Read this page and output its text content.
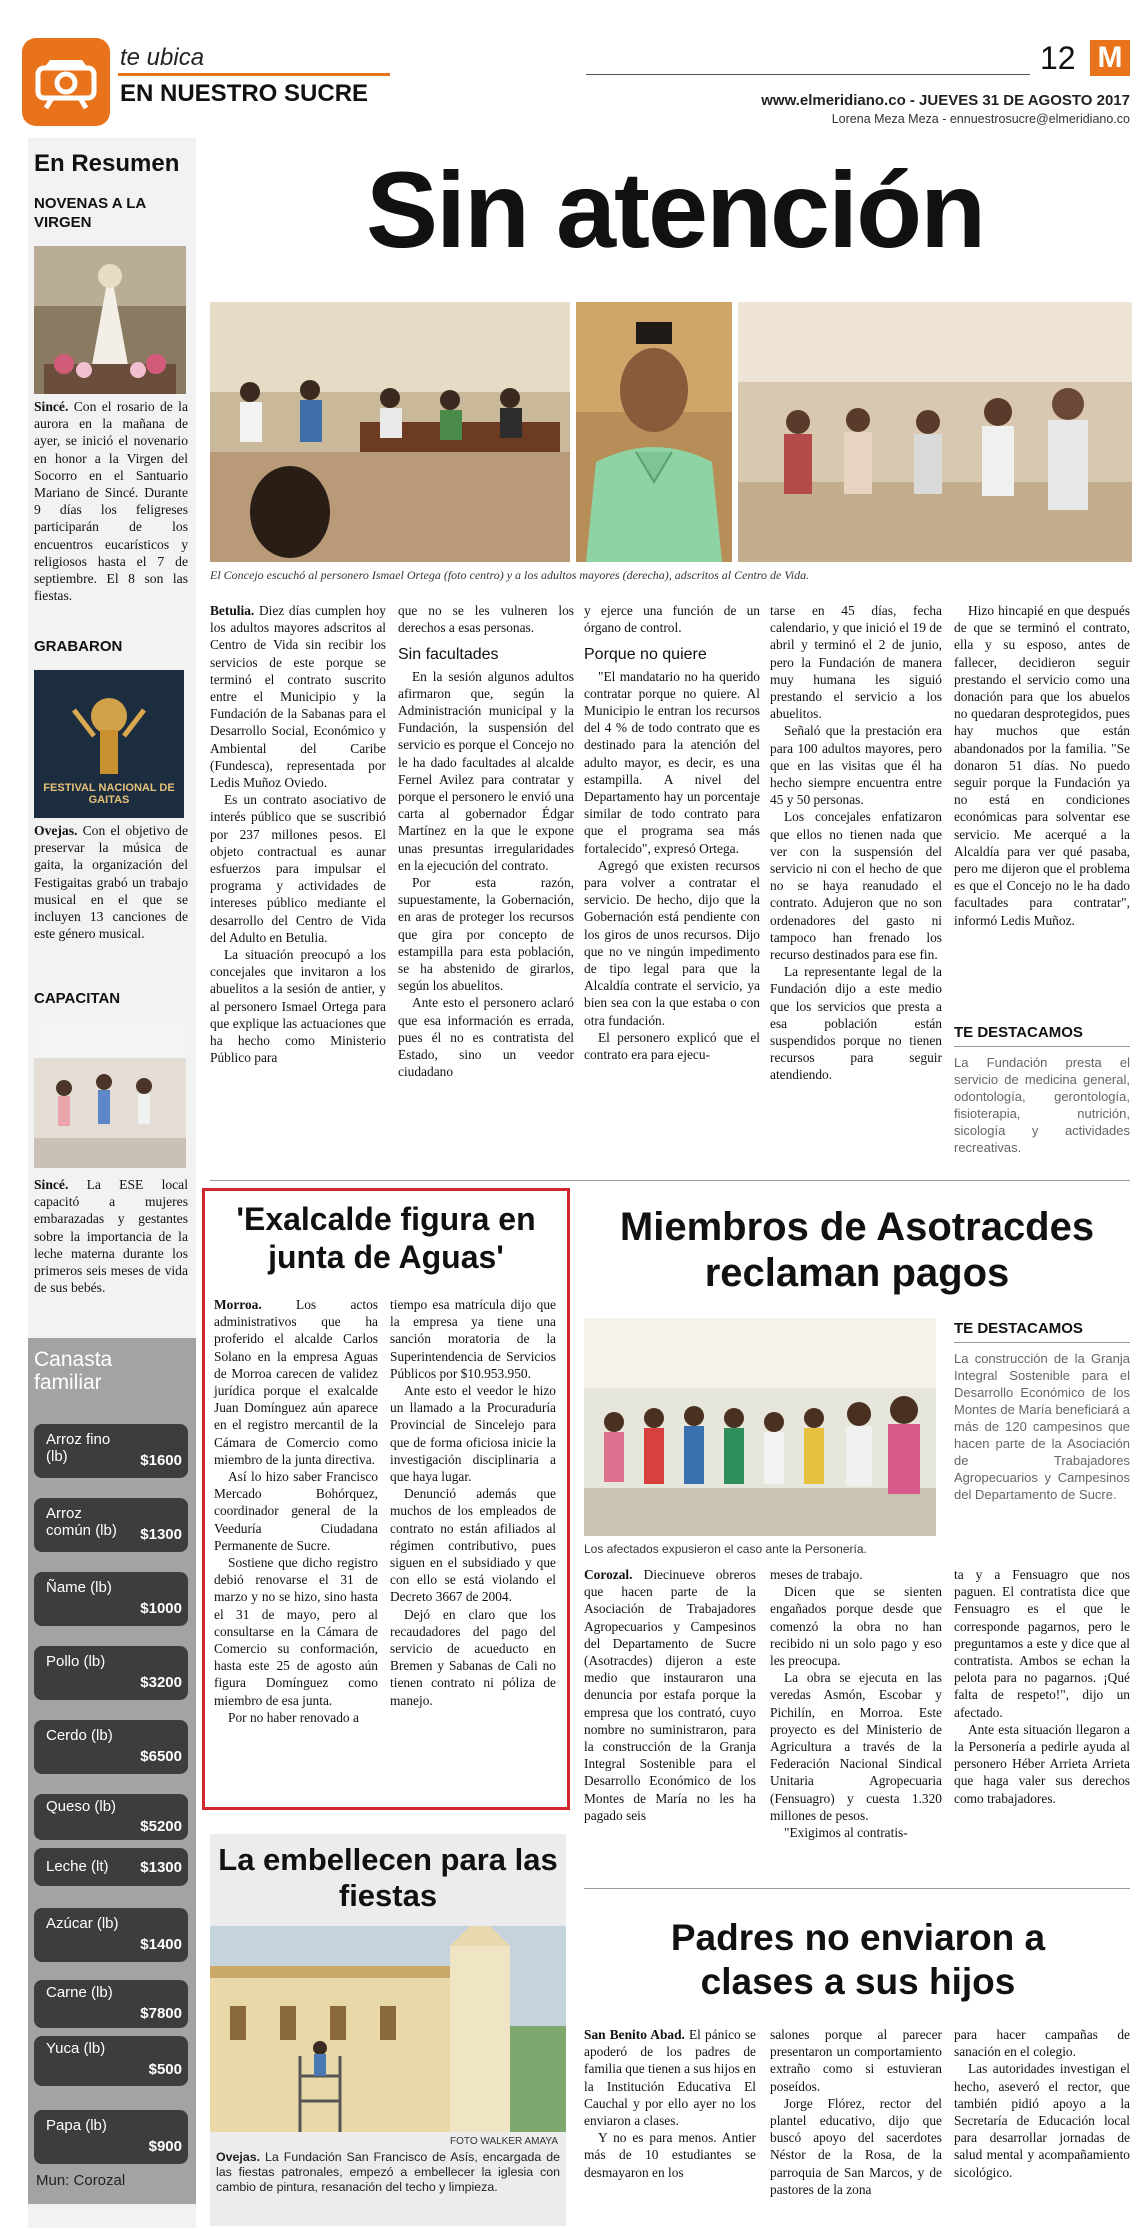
te ubica
EN NUESTRO SUCRE
12 M
www.elmeridiano.co - JUEVES 31 DE AGOSTO 2017
Lorena Meza Meza - ennuestrosucre@elmeridiano.co
En Resumen
NOVENAS A LA VIRGEN
Sincé. Con el rosario de la aurora en la mañana de ayer, se inició el novenario en honor a la Virgen del Socorro en el Santuario Mariano de Sincé. Durante 9 días los feligreses participarán de los encuentros eucarísticos y religiosos hasta el 7 de septiembre. El 8 son las fiestas.
GRABARON
FESTIVAL NACIONAL DE GAITAS
Ovejas. Con el objetivo de preservar la música de gaita, la organización del Festigaitas grabó un trabajo musical en el que se incluyen 13 canciones de este género musical.
CAPACITAN
Sincé. La ESE local capacitó a mujeres embarazadas y gestantes sobre la importancia de la leche materna durante los primeros seis meses de vida de sus bebés.
Canasta familiar
Arroz fino (lb)	$1600
Arroz común (lb)	$1300
Ñame (lb)
$1000
Pollo (lb)
$3200
Cerdo (lb)
$6500
Queso (lb)
$5200
Leche (lt)	$1300
Azúcar (lb)
$1400
Carne (lb)
$7800
Yuca (lb)
$500
Papa (lb)
$900
Mun: Corozal
Sin atención
El Concejo escuchó al personero Ismael Ortega (foto centro) y a los adultos mayores (derecha), adscritos al Centro de Vida.

Betulia. Diez días cumplen hoy los adultos mayores adscritos al Centro de Vida sin recibir los servicios de este porque se terminó el contrato suscrito entre el Municipio y la Fundación de la Sabanas para el Desarrollo Social, Económico y Ambiental del Caribe (Fundesca), representada por Ledis Muñoz Oviedo.

Es un contrato asociativo de interés público que se suscribió por 237 millones pesos. El objeto contractual es aunar esfuerzos para impulsar el programa y actividades de intereses público mediante el desarrollo del Centro de Vida del Adulto en Betulia.

La situación preocupó a los concejales que invitaron a los abuelitos a la sesión de antier, y al personero Ismael Ortega para que explique las actuaciones que ha hecho como Ministerio Público para

que no se les vulneren los derechos a esas personas.

Sin facultades

En la sesión algunos adultos afirmaron que, según la Administración municipal y la Fundación, la suspensión del servicio es porque el Concejo no le ha dado facultades al alcalde Fernel Avilez para contratar y porque el personero le envió una carta al gobernador Édgar Martínez en la que le expone unas presuntas irregularidades en la ejecución del contrato.

Por esta razón, supuestamente, la Gobernación, en aras de proteger los recursos que gira por concepto de estampilla para esta población, se ha abstenido de girarlos, según los abuelitos.

Ante esto el personero aclaró que esa información es errada, pues él no es contratista del Estado, sino un veedor ciudadano

y ejerce una función de un órgano de control.

Porque no quiere

"El mandatario no ha querido contratar porque no quiere. Al Municipio le entran los recursos del 4 % de todo contrato que es destinado para la atención del adulto mayor, es decir, es una estampilla. A nivel del Departamento hay un porcentaje similar de todo contrato para que el programa sea más fortalecido", expresó Ortega.

Agregó que existen recursos para volver a contratar el servicio. De hecho, dijo que la Gobernación está pendiente con los giros de unos recursos. Dijo que no ve ningún impedimento de tipo legal para que la Alcaldía contrate el servicio, ya bien sea con la que estaba o con otra fundación.

El personero explicó que el contrato era para ejecu-

tarse en 45 días, fecha calendario, y que inició el 19 de abril y terminó el 2 de junio, pero la Fundación de manera muy humana les siguió prestando el servicio a los abuelitos.

Señaló que la prestación era para 100 adultos mayores, pero que en las visitas que él ha hecho siempre encuentra entre 45 y 50 personas.

Los concejales enfatizaron que ellos no tienen nada que ver con la suspensión del servicio ni con el hecho de que no se haya reanudado el contrato. Adujeron que no son ordenadores del gasto ni tampoco han frenado los recurso destinados para ese fin.

La representante legal de la Fundación dijo a este medio que los servicios que presta a esa población están suspendidos porque no tienen recursos para seguir atendiendo.

Hizo hincapié en que después de que se terminó el contrato, ella y su esposo, antes de fallecer, decidieron seguir prestando el servicio como una donación para que los abuelos no quedaran desprotegidos, pues hay muchos que están abandonados por la familia. "Se donaron 51 días. No puedo seguir porque la Fundación ya no está en condiciones económicas para solventar ese servicio. Me acerqué a la Alcaldía para ver qué pasaba, pero me dijeron que el problema es que el Concejo no le ha dado facultades para contratar", informó Ledis Muñoz.

TE DESTACAMOS
La Fundación presta el servicio de medicina general, odontología, gerontología, fisioterapia, nutrición, sicología y actividades recreativas.
'Exalcalde figura en junta de Aguas'

Morroa. Los actos administrativos que ha proferido el alcalde Carlos Solano en la empresa Aguas de Morroa carecen de validez jurídica porque el exalcalde Juan Domínguez aún aparece en el registro mercantil de la Cámara de Comercio como miembro de la junta directiva.

Así lo hizo saber Francisco Mercado Bohórquez, coordinador general de la Veeduría Ciudadana Permanente de Sucre.

Sostiene que dicho registro debió renovarse el 31 de marzo y no se hizo, sino hasta el 31 de mayo, pero al consultarse en la Cámara de Comercio su conformación, hasta este 25 de agosto aún figura Domínguez como miembro de esa junta.

Por no haber renovado a

tiempo esa matrícula dijo que la empresa ya tiene una sanción moratoria de la Superintendencia de Servicios Públicos por $10.953.950.

Ante esto el veedor le hizo un llamado a la Procuraduría Provincial de Sincelejo para que de forma oficiosa inicie la investigación disciplinaria a que haya lugar.

Denunció además que muchos de los empleados de contrato no están afiliados al régimen contributivo, pues siguen en el subsidiado y que con ello se está violando el Decreto 3667 de 2004.

Dejó en claro que los recaudadores del pago del servicio de acueducto en Bremen y Sabanas de Cali no tienen contrato ni póliza de manejo.

Miembros de Asotracdes reclaman pagos
Los afectados expusieron el caso ante la Personería.
TE DESTACAMOS
La construcción de la Granja Integral Sostenible para el Desarrollo Económico de los Montes de María beneficiará a más de 120 campesinos que hacen parte de la Asociación de Trabajadores Agropecuarios y Campesinos del Departamento de Sucre.

Corozal. Diecinueve obreros que hacen parte de la Asociación de Trabajadores Agropecuarios y Campesinos del Departamento de Sucre (Asotracdes) dijeron a este medio que instauraron una denuncia por estafa porque la empresa que los contrató, cuyo nombre no suministraron, para la construcción de la Granja Integral Sostenible para el Desarrollo Económico de los Montes de María no les ha pagado seis

meses de trabajo.

Dicen que se sienten engañados porque desde que comenzó la obra no han recibido ni un solo pago y eso les preocupa.

La obra se ejecuta en las veredas Asmón, Escobar y Pichilín, en Morroa. Este proyecto es del Ministerio de Agricultura a través de la Federación Nacional Sindical Unitaria Agropecuaria (Fensuagro) y cuesta 1.320 millones de pesos.

"Exigimos al contratis-

ta y a Fensuagro que nos paguen. El contratista dice que Fensuagro es el que le corresponde pagarnos, pero le preguntamos a este y dice que al contratista. Ambos se echan la pelota para no pagarnos. ¡Qué falta de respeto!", dijo un afectado.

Ante esta situación llegaron a la Personería a pedirle ayuda al personero Héber Arrieta Arrieta que haga valer sus derechos como trabajadores.

La embellecen para las fiestas
FOTO WALKER AMAYA
Ovejas. La Fundación San Francisco de Asís, encargada de las fiestas patronales, empezó a embellecer la iglesia con cambio de pintura, resanación del techo y limpieza.
Padres no enviaron a clases a sus hijos

San Benito Abad. El pánico se apoderó de los padres de familia que tienen a sus hijos en la Institución Educativa El Cauchal y por ello ayer no los enviaron a clases.

Y no es para menos. Antier más de 10 estudiantes se desmayaron en los

salones porque al parecer presentaron un comportamiento extraño como si estuvieran poseídos.

Jorge Flórez, rector del plantel educativo, dijo que buscó apoyo del sacerdotes Néstor de la Rosa, de la parroquia de San Marcos, y de pastores de la zona

para hacer campañas de sanación en el colegio.

Las autoridades investigan el hecho, aseveró el rector, que también pidió apoyo a la Secretaría de Educación local para desarrollar jornadas de salud mental y acompañamiento sicológico.
